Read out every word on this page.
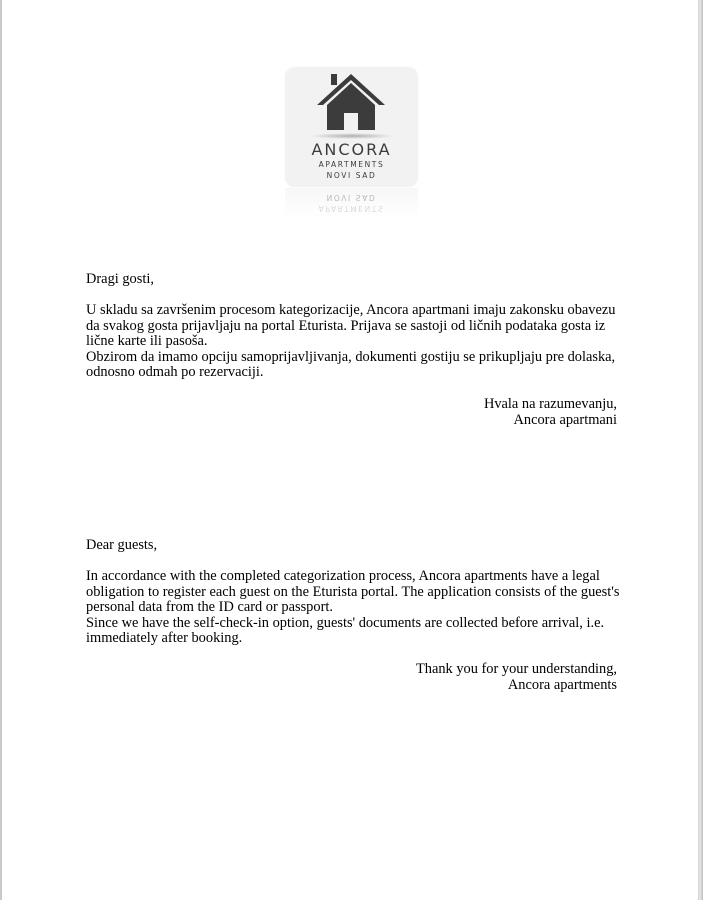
ANCORA
APARTMENTS
NOVI SAD
NOVI SAD
APARTMENTS
Dragi gosti,

U skladu sa završenim procesom kategorizacije, Ancora apartmani imaju zakonsku obavezu

da svakog gosta prijavljaju na portal Eturista. Prijava se sastoji od ličnih podataka gosta iz

lične karte ili pasoša.

Obzirom da imamo opciju samoprijavljivanja, dokumenti gostiju se prikupljaju pre dolaska,

odnosno odmah po rezervaciji.

Hvala na razumevanju,
Ancora apartmani
Dear guests,

In accordance with the completed categorization process, Ancora apartments have a legal

obligation to register each guest on the Eturista portal. The application consists of the guest's

personal data from the ID card or passport.

Since we have the self-check-in option, guests' documents are collected before arrival, i.e.

immediately after booking.

Thank you for your understanding,
Ancora apartments
